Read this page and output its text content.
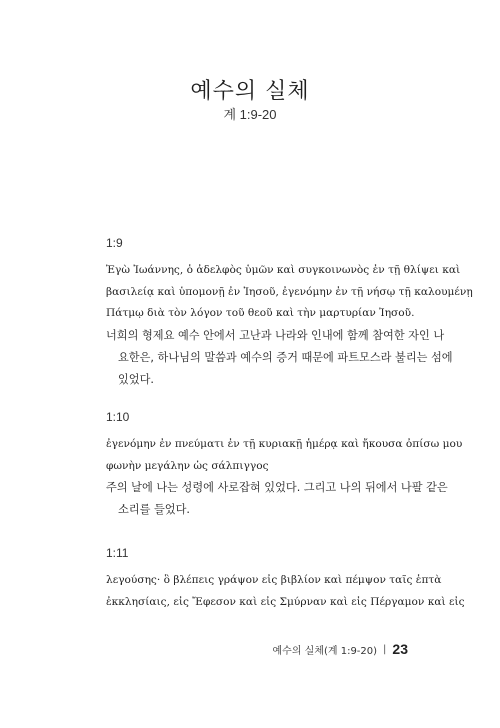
예수의 실체
계 1:9-20
1:9
Ἐγὼ Ἰωάννης, ὁ ἀδελφὸς ὑμῶν καὶ συγκοινωνὸς ἐν τῇ θλίψει καὶ
βασιλείᾳ καὶ ὑπομονῇ ἐν Ἰησοῦ, ἐγενόμην ἐν τῇ νήσῳ τῇ καλουμένῃ
Πάτμῳ διὰ τὸν λόγον τοῦ θεοῦ καὶ τὴν μαρτυρίαν Ἰησοῦ.
너희의 형제요 예수 안에서 고난과 나라와 인내에 함께 참여한 자인 나
요한은, 하나님의 말씀과 예수의 증거 때문에 파트모스라 불리는 섬에
있었다.
1:10
ἐγενόμην ἐν πνεύματι ἐν τῇ κυριακῇ ἡμέρᾳ καὶ ἤκουσα ὀπίσω μου
φωνὴν μεγάλην ὡς σάλπιγγος
주의 날에 나는 성령에 사로잡혀 있었다. 그리고 나의 뒤에서 나팔 같은
소리를 들었다.
1:11
λεγούσης· ὃ βλέπεις γράψον εἰς βιβλίον καὶ πέμψον ταῖς ἑπτὰ
ἐκκλησίαις, εἰς Ἔφεσον καὶ εἰς Σμύρναν καὶ εἰς Πέργαμον καὶ εἰς
예수의 실체(계 1:9-20) | 23
